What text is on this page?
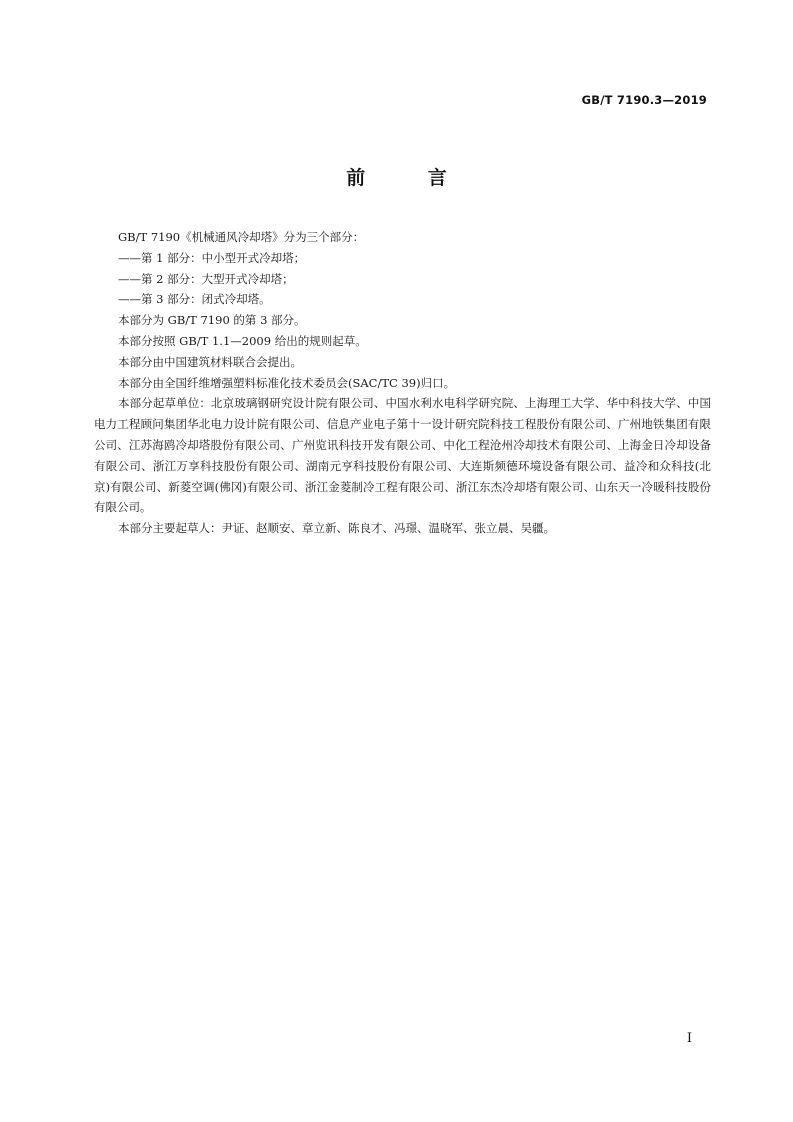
GB/T 7190.3—2019
前 言

GB/T 7190《机械通风冷却塔》分为三个部分：

——第 1 部分：中小型开式冷却塔；

——第 2 部分：大型开式冷却塔；

——第 3 部分：闭式冷却塔。

本部分为 GB/T 7190 的第 3 部分。

本部分按照 GB/T 1.1—2009 给出的规则起草。

本部分由中国建筑材料联合会提出。

本部分由全国纤维增强塑料标准化技术委员会(SAC/TC 39)归口。

本部分起草单位：北京玻璃钢研究设计院有限公司、中国水利水电科学研究院、上海理工大学、华中科技大学、中国电力工程顾问集团华北电力设计院有限公司、信息产业电子第十一设计研究院科技工程股份有限公司、广州地铁集团有限公司、江苏海鸥冷却塔股份有限公司、广州览讯科技开发有限公司、中化工程沧州冷却技术有限公司、上海金日冷却设备有限公司、浙江万享科技股份有限公司、湖南元亨科技股份有限公司、大连斯频德环境设备有限公司、益冷和众科技(北京)有限公司、新菱空调(佛冈)有限公司、浙江金菱制冷工程有限公司、浙江东杰冷却塔有限公司、山东天一冷暖科技股份有限公司。

本部分主要起草人：尹证、赵顺安、章立新、陈良才、冯璟、温晓军、张立晨、吴疆。

I
